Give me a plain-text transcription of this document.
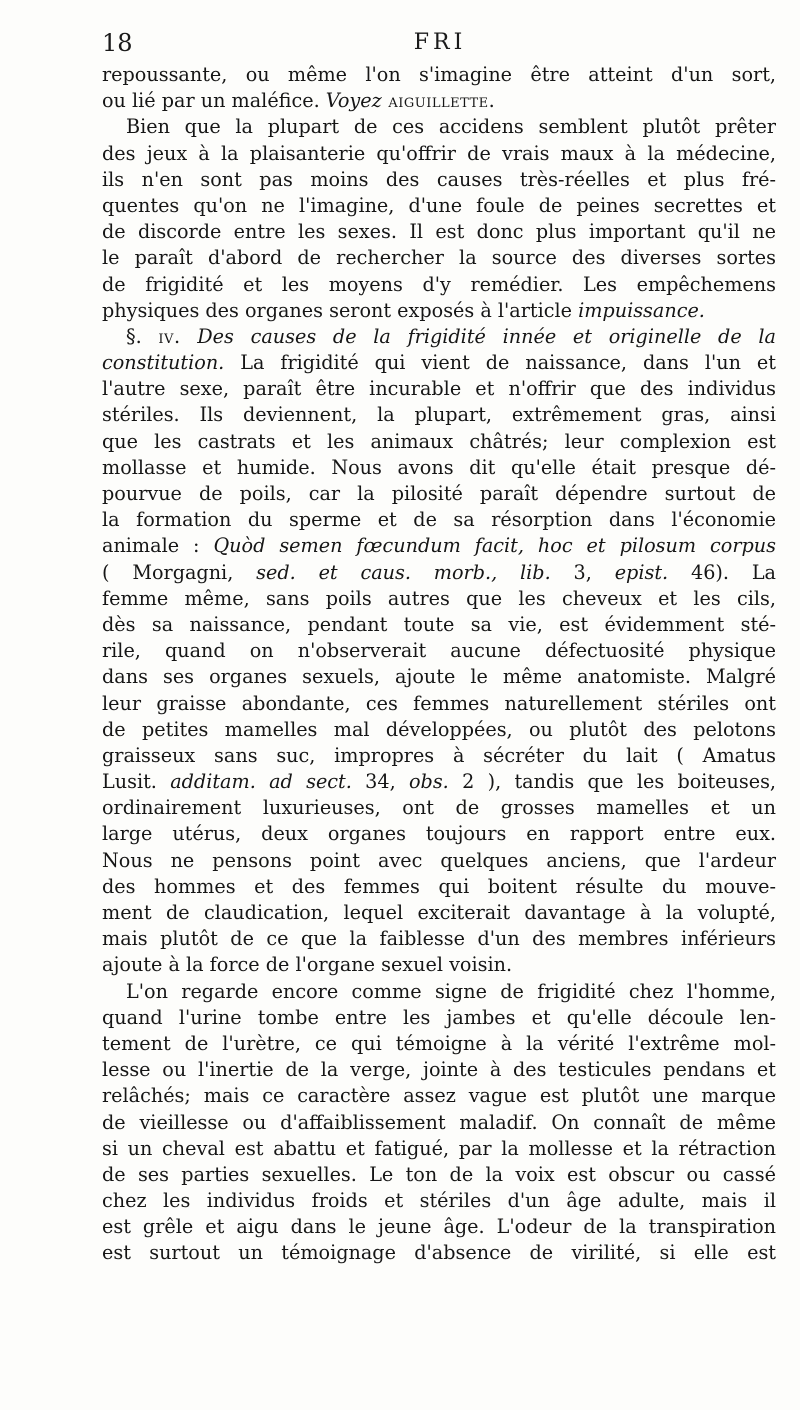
18	FRI
repoussante, ou même l'on s'imagine être atteint d'un sort,
ou lié par un maléfice. Voyez aiguillette.
Bien que la plupart de ces accidens semblent plutôt prêter
des jeux à la plaisanterie qu'offrir de vrais maux à la médecine,
ils n'en sont pas moins des causes très-réelles et plus fré-
quentes qu'on ne l'imagine, d'une foule de peines secrettes et
de discorde entre les sexes. Il est donc plus important qu'il ne
le paraît d'abord de rechercher la source des diverses sortes
de frigidité et les moyens d'y remédier. Les empêchemens
physiques des organes seront exposés à l'article impuissance.
§. iv. Des causes de la frigidité innée et originelle de la
constitution. La frigidité qui vient de naissance, dans l'un et
l'autre sexe, paraît être incurable et n'offrir que des individus
stériles. Ils deviennent, la plupart, extrêmement gras, ainsi
que les castrats et les animaux châtrés; leur complexion est
mollasse et humide. Nous avons dit qu'elle était presque dé-
pourvue de poils, car la pilosité paraît dépendre surtout de
la formation du sperme et de sa résorption dans l'économie
animale : Quòd semen fœcundum facit, hoc et pilosum corpus
( Morgagni, sed. et caus. morb., lib. 3, epist. 46). La
femme même, sans poils autres que les cheveux et les cils,
dès sa naissance, pendant toute sa vie, est évidemment sté-
rile, quand on n'observerait aucune défectuosité physique
dans ses organes sexuels, ajoute le même anatomiste. Malgré
leur graisse abondante, ces femmes naturellement stériles ont
de petites mamelles mal développées, ou plutôt des pelotons
graisseux sans suc, impropres à sécréter du lait ( Amatus
Lusit. additam. ad sect. 34, obs. 2 ), tandis que les boiteuses,
ordinairement luxurieuses, ont de grosses mamelles et un
large utérus, deux organes toujours en rapport entre eux.
Nous ne pensons point avec quelques anciens, que l'ardeur
des hommes et des femmes qui boitent résulte du mouve-
ment de claudication, lequel exciterait davantage à la volupté,
mais plutôt de ce que la faiblesse d'un des membres inférieurs
ajoute à la force de l'organe sexuel voisin.
L'on regarde encore comme signe de frigidité chez l'homme,
quand l'urine tombe entre les jambes et qu'elle découle len-
tement de l'urètre, ce qui témoigne à la vérité l'extrême mol-
lesse ou l'inertie de la verge, jointe à des testicules pendans et
relâchés; mais ce caractère assez vague est plutôt une marque
de vieillesse ou d'affaiblissement maladif. On connaît de même
si un cheval est abattu et fatigué, par la mollesse et la rétraction
de ses parties sexuelles. Le ton de la voix est obscur ou cassé
chez les individus froids et stériles d'un âge adulte, mais il
est grêle et aigu dans le jeune âge. L'odeur de la transpiration
est surtout un témoignage d'absence de virilité, si elle est
